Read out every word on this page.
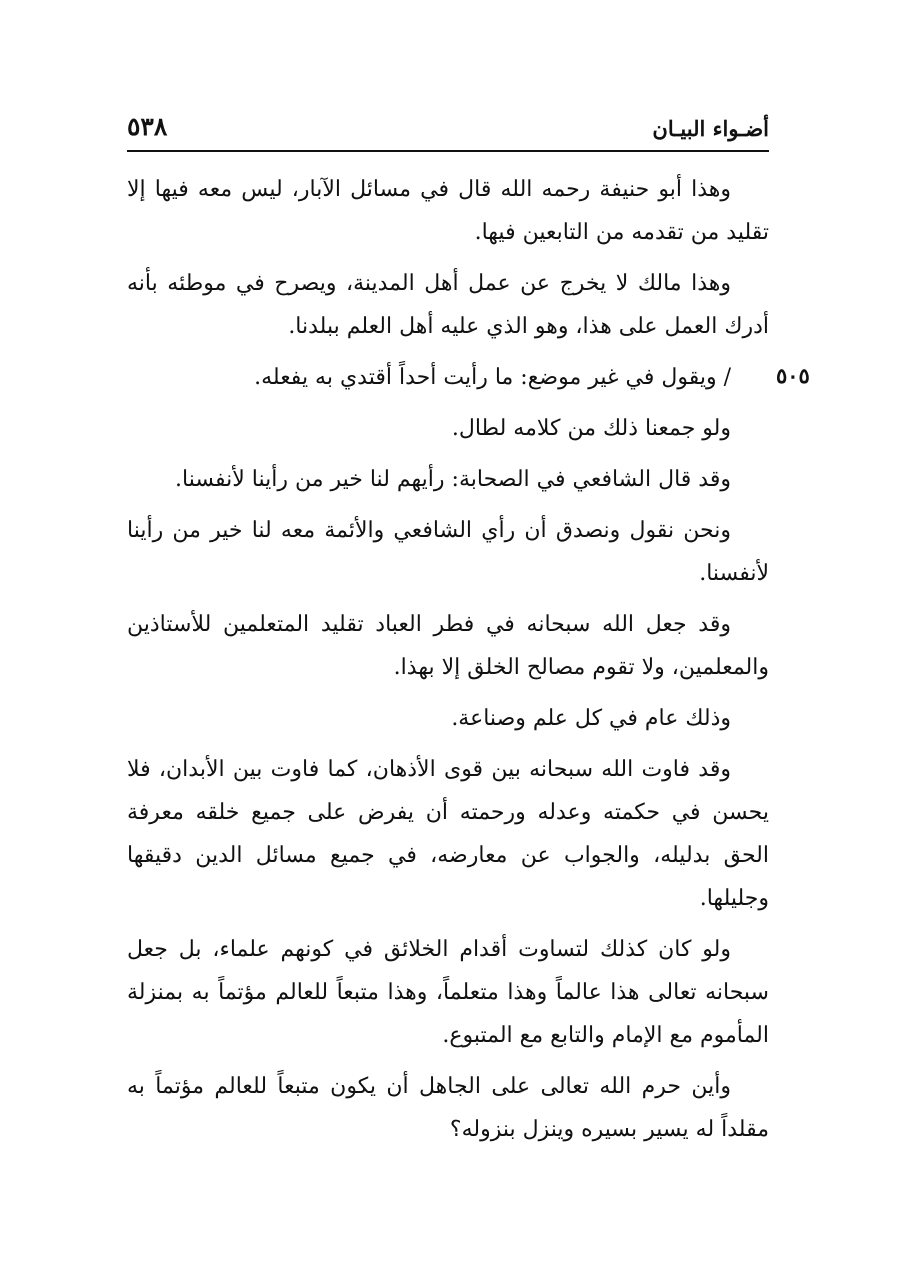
أضـواء البيـان
٥٣٨
٥٠٥

وهذا أبو حنيفة رحمه الله قال في مسائل الآبار، ليس معه فيها إلا تقليد من تقدمه من التابعين فيها.

وهذا مالك لا يخرج عن عمل أهل المدينة، ويصرح في موطئه بأنه أدرك العمل على هذا، وهو الذي عليه أهل العلم ببلدنا.

/ ويقول في غير موضع: ما رأيت أحداً أقتدي به يفعله.

ولو جمعنا ذلك من كلامه لطال.

وقد قال الشافعي في الصحابة: رأيهم لنا خير من رأينا لأنفسنا.

ونحن نقول ونصدق أن رأي الشافعي والأئمة معه لنا خير من رأينا لأنفسنا.

وقد جعل الله سبحانه في فطر العباد تقليد المتعلمين للأستاذين والمعلمين، ولا تقوم مصالح الخلق إلا بهذا.

وذلك عام في كل علم وصناعة.

وقد فاوت الله سبحانه بين قوى الأذهان، كما فاوت بين الأبدان، فلا يحسن في حكمته وعدله ورحمته أن يفرض على جميع خلقه معرفة الحق بدليله، والجواب عن معارضه، في جميع مسائل الدين دقيقها وجليلها.

ولو كان كذلك لتساوت أقدام الخلائق في كونهم علماء، بل جعل سبحانه تعالى هذا عالماً وهذا متعلماً، وهذا متبعاً للعالم مؤتماً به بمنزلة المأموم مع الإمام والتابع مع المتبوع.

وأين حرم الله تعالى على الجاهل أن يكون متبعاً للعالم مؤتماً به مقلداً له يسير بسيره وينزل بنزوله؟
